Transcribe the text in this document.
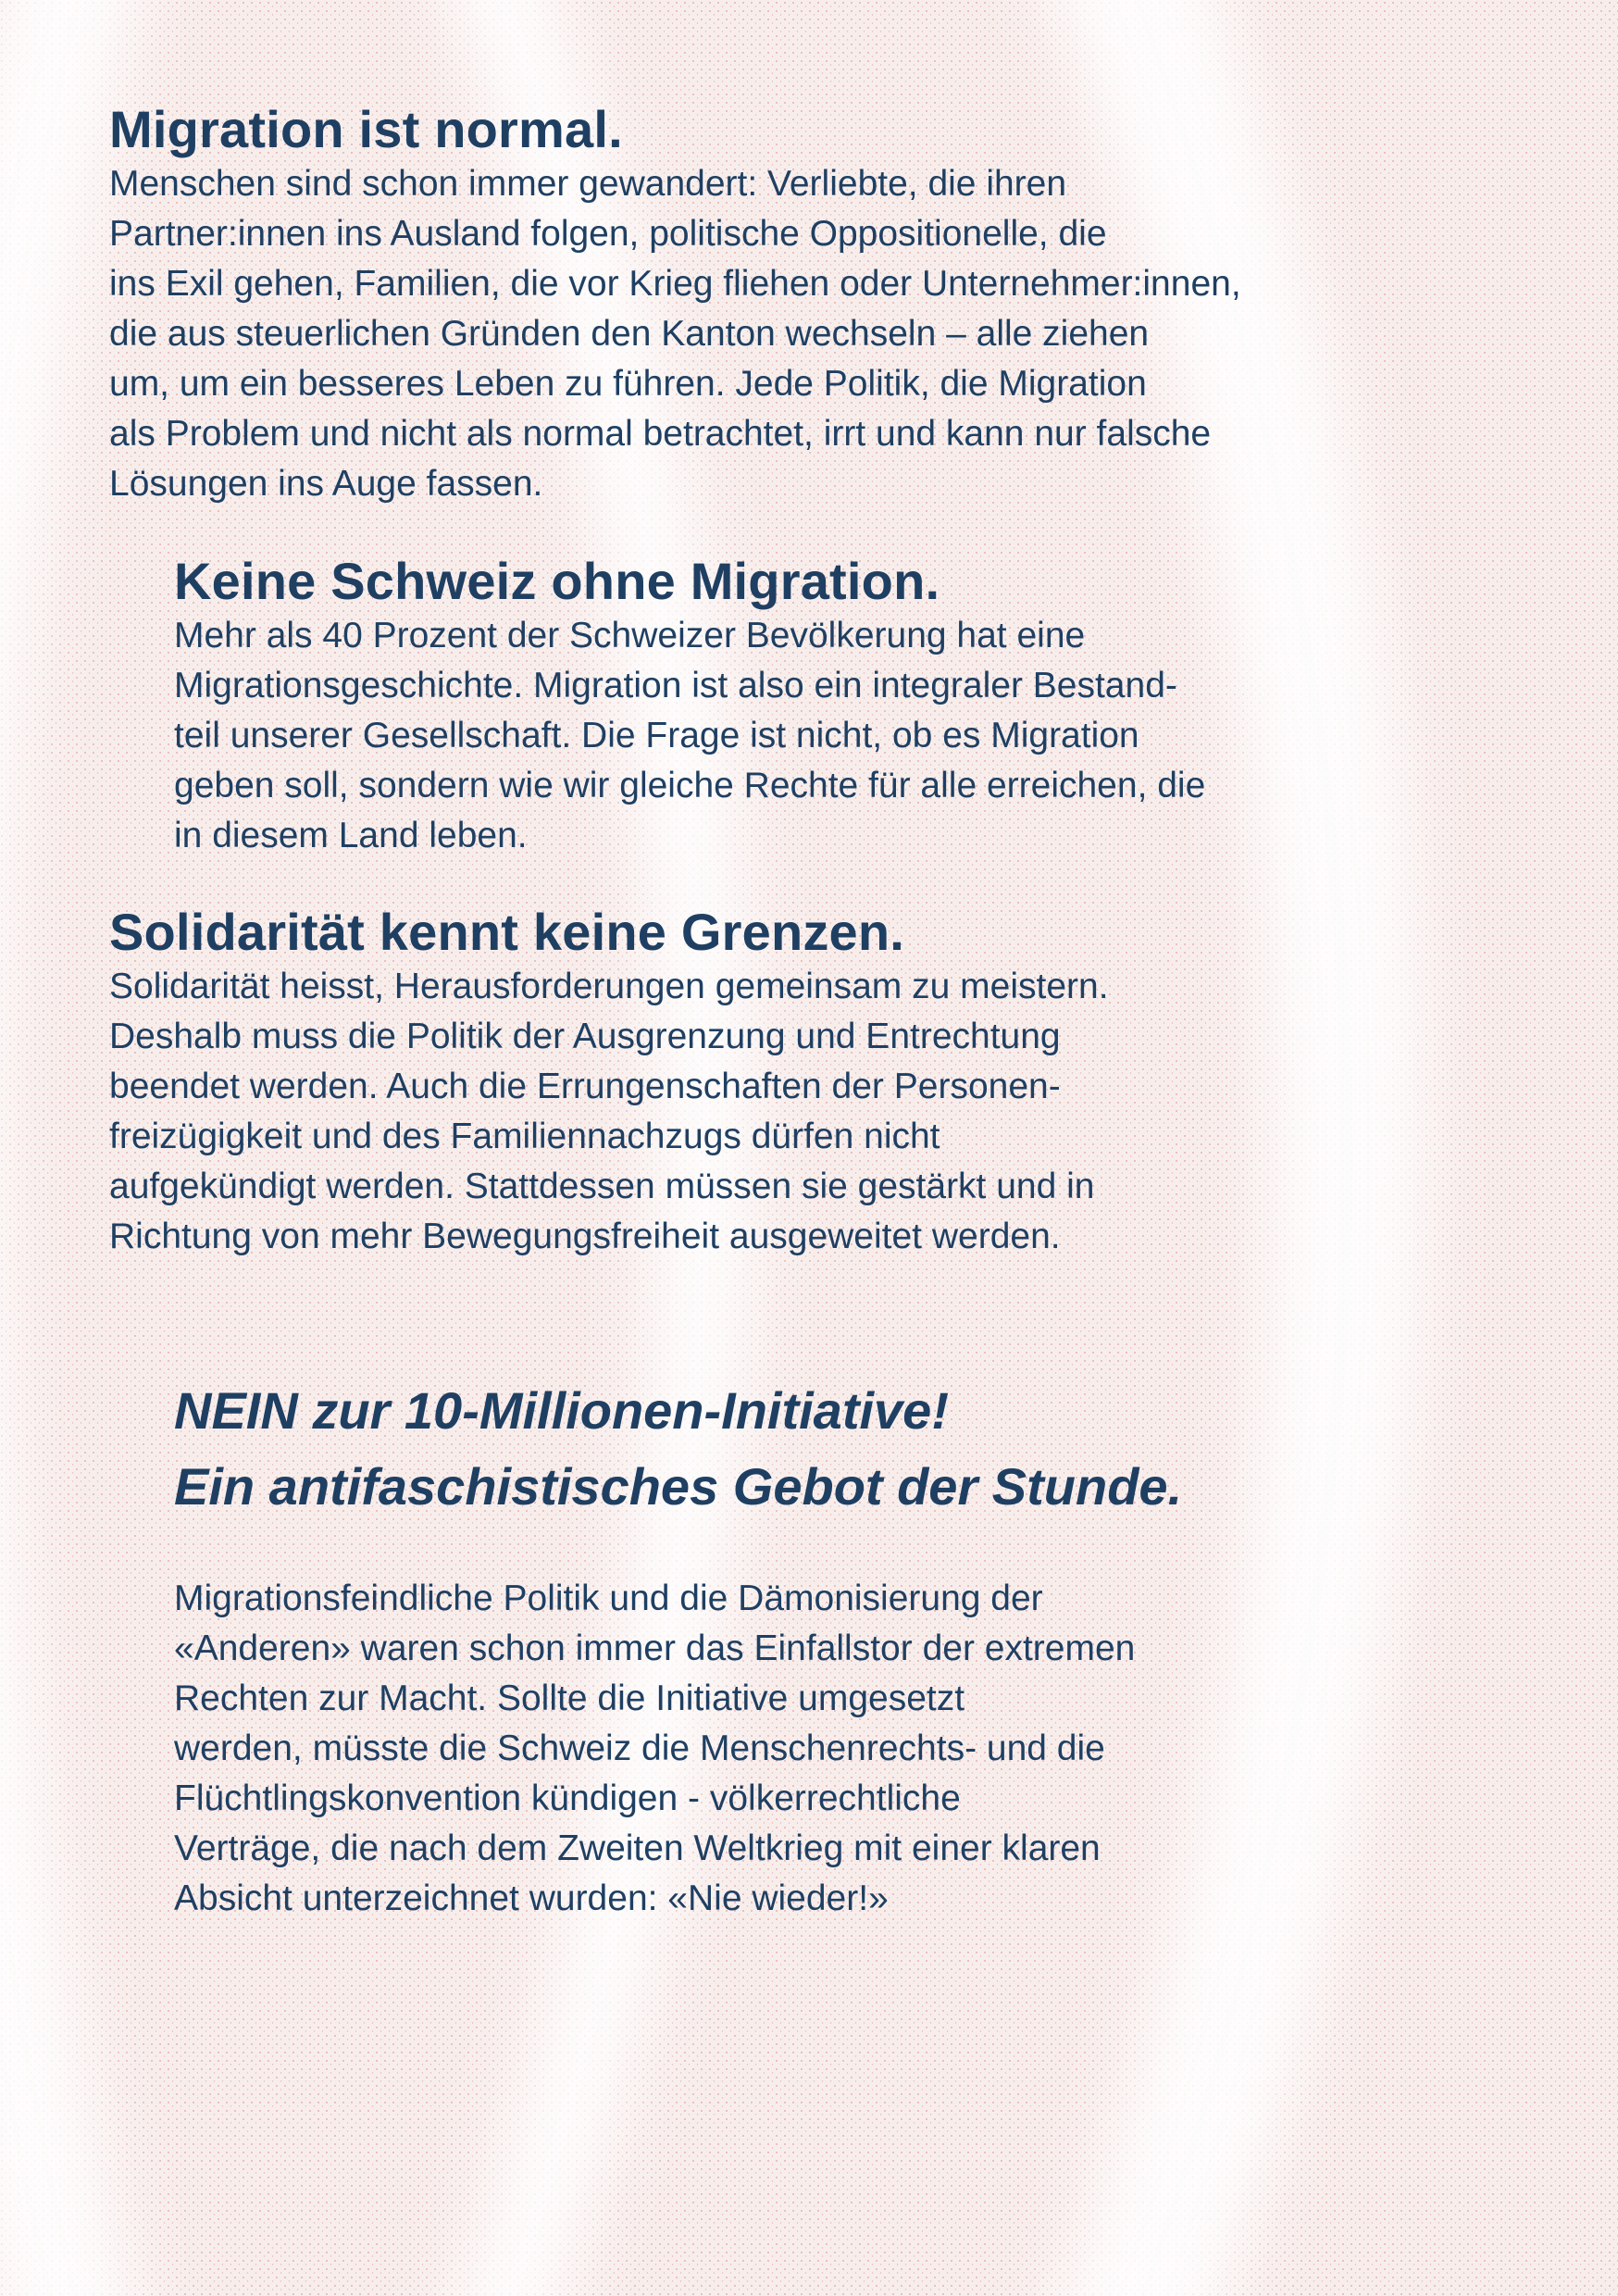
Migration ist normal.

Menschen sind schon immer gewandert: Verliebte, die ihren
Partner:innen ins Ausland folgen, politische Oppositionelle, die
ins Exil gehen, Familien, die vor Krieg fliehen oder Unternehmer:innen,
die aus steuerlichen Gründen den Kanton wechseln – alle ziehen
um, um ein besseres Leben zu führen. Jede Politik, die Migration
als Problem und nicht als normal betrachtet, irrt und kann nur falsche
Lösungen ins Auge fassen.

Keine Schweiz ohne Migration.

Mehr als 40 Prozent der Schweizer Bevölkerung hat eine
Migrationsgeschichte. Migration ist also ein integraler Bestand-
teil unserer Gesellschaft. Die Frage ist nicht, ob es Migration
geben soll, sondern wie wir gleiche Rechte für alle erreichen, die
in diesem Land leben.

Solidarität kennt keine Grenzen.

Solidarität heisst, Herausforderungen gemeinsam zu meistern.
Deshalb muss die Politik der Ausgrenzung und Entrechtung
beendet werden. Auch die Errungenschaften der Personen-
freizügigkeit und des Familiennachzugs dürfen nicht
aufgekündigt werden. Stattdessen müssen sie gestärkt und in
Richtung von mehr Bewegungsfreiheit ausgeweitet werden.

NEIN zur 10-Millionen-Initiative!
Ein antifaschistisches Gebot der Stunde.

Migrationsfeindliche Politik und die Dämonisierung der
«Anderen» waren schon immer das Einfallstor der extremen
Rechten zur Macht. Sollte die Initiative umgesetzt
werden, müsste die Schweiz die Menschenrechts- und die
Flüchtlingskonvention kündigen - völkerrechtliche
Verträge, die nach dem Zweiten Weltkrieg mit einer klaren
Absicht unterzeichnet wurden: «Nie wieder!»
